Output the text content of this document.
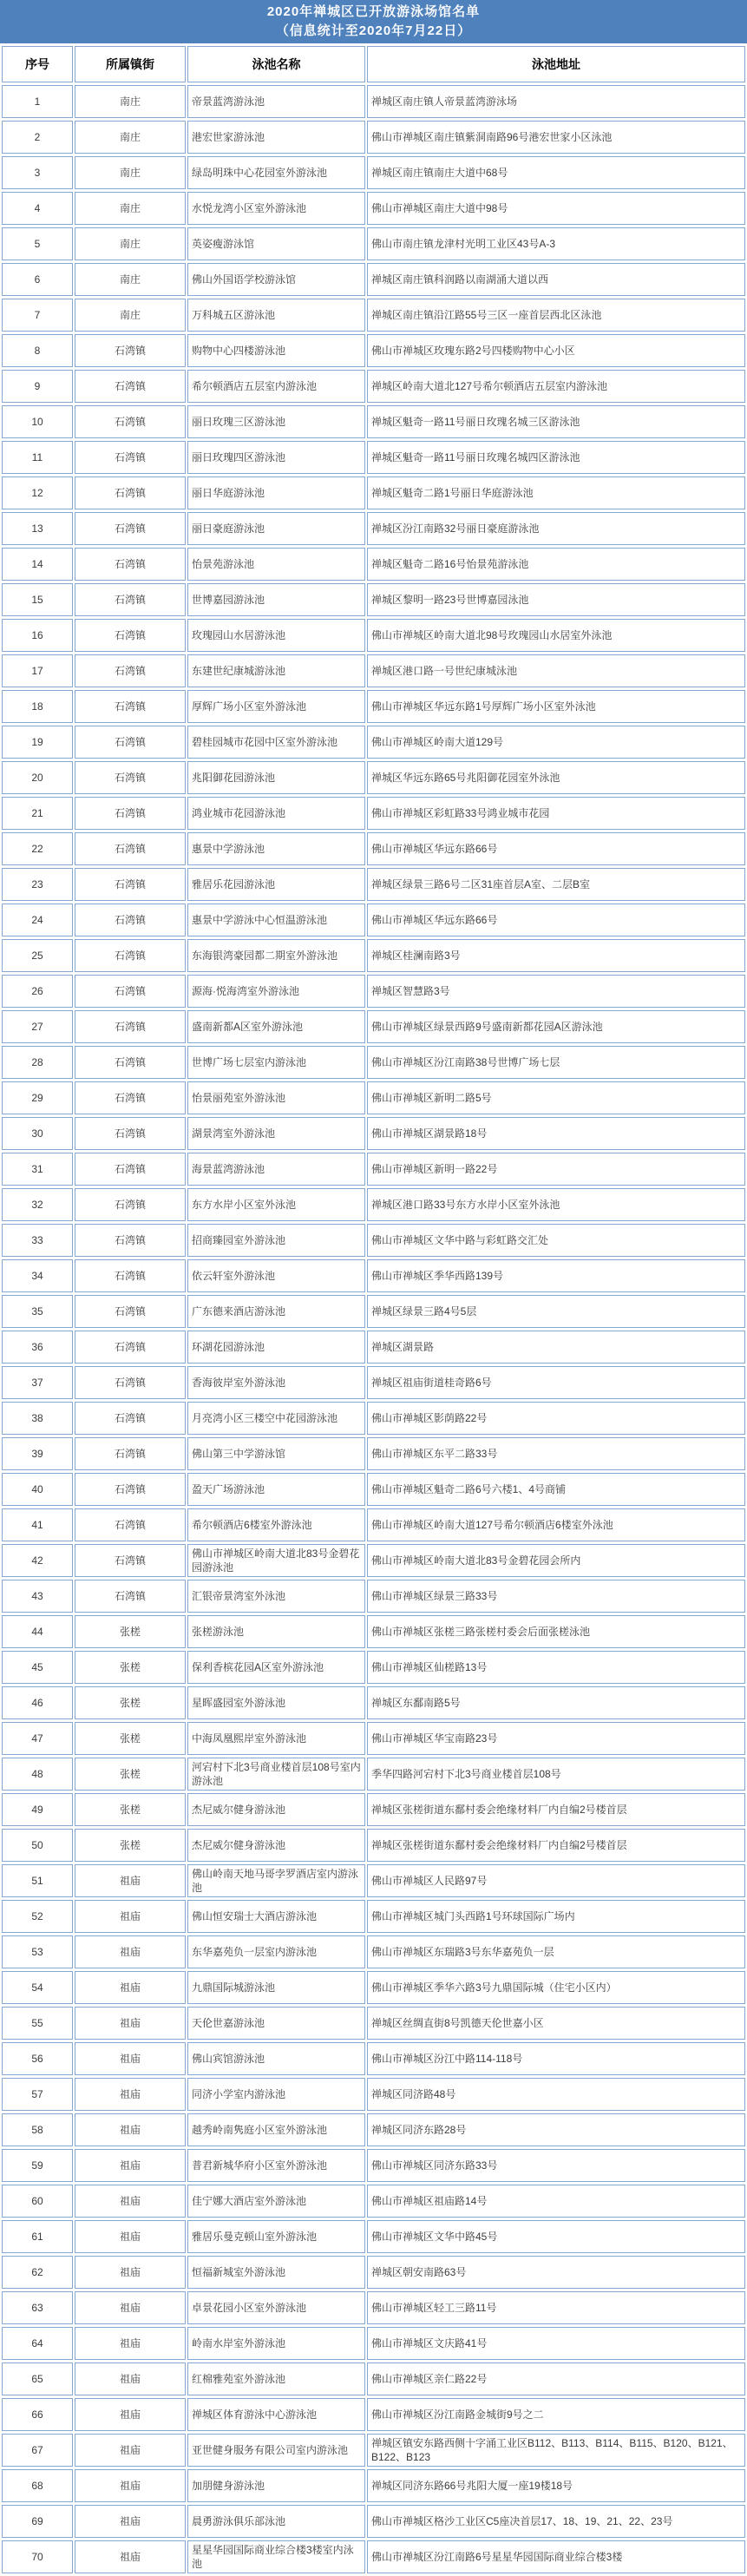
2020年禅城区已开放游泳场馆名单
（信息统计至2020年7月22日）
序号	所属镇街	泳池名称	泳池地址
1	南庄	帝景蓝湾游泳池	禅城区南庄镇人帝景蓝湾游泳场
2	南庄	港宏世家游泳池	佛山市禅城区南庄镇紫洞南路96号港宏世家小区泳池
3	南庄	绿岛明珠中心花园室外游泳池	禅城区南庄镇南庄大道中68号
4	南庄	水悦龙湾小区室外游泳池	佛山市禅城区南庄大道中98号
5	南庄	英姿瘦游泳馆	佛山市南庄镇龙津村光明工业区43号A-3
6	南庄	佛山外国语学校游泳馆	禅城区南庄镇科润路以南湖涌大道以西
7	南庄	万科城五区游泳池	禅城区南庄镇沿江路55号三区一座首层西北区泳池
8	石湾镇	购物中心四楼游泳池	佛山市禅城区玫瑰东路2号四楼购物中心小区
9	石湾镇	希尔顿酒店五层室内游泳池	禅城区岭南大道北127号希尔顿酒店五层室内游泳池
10	石湾镇	丽日玫瑰三区游泳池	禅城区魁奇一路11号丽日玫瑰名城三区游泳池
11	石湾镇	丽日玫瑰四区游泳池	禅城区魁奇一路11号丽日玫瑰名城四区游泳池
12	石湾镇	丽日华庭游泳池	禅城区魁奇二路1号丽日华庭游泳池
13	石湾镇	丽日豪庭游泳池	禅城区汾江南路32号丽日豪庭游泳池
14	石湾镇	怡景苑游泳池	禅城区魁奇二路16号怡景苑游泳池
15	石湾镇	世博嘉园游泳池	禅城区黎明一路23号世博嘉园泳池
16	石湾镇	玫瑰园山水居游泳池	佛山市禅城区岭南大道北98号玫瑰园山水居室外泳池
17	石湾镇	东建世纪康城游泳池	禅城区港口路一号世纪康城泳池
18	石湾镇	厚辉广场小区室外游泳池	佛山市禅城区华远东路1号厚辉广场小区室外泳池
19	石湾镇	碧桂园城市花园中区室外游泳池	佛山市禅城区岭南大道129号
20	石湾镇	兆阳御花园游泳池	禅城区华远东路65号兆阳御花园室外泳池
21	石湾镇	鸿业城市花园游泳池	佛山市禅城区彩虹路33号鸿业城市花园
22	石湾镇	惠景中学游泳池	佛山市禅城区华远东路66号
23	石湾镇	雅居乐花园游泳池	禅城区绿景三路6号二区31座首层A室、二层B室
24	石湾镇	惠景中学游泳中心恒温游泳池	佛山市禅城区华远东路66号
25	石湾镇	东海银湾豪园都二期室外游泳池	禅城区桂澜南路3号
26	石湾镇	源海·悦海湾室外游泳池	禅城区智慧路3号
27	石湾镇	盛南新都A区室外游泳池	佛山市禅城区绿景西路9号盛南新都花园A区游泳池
28	石湾镇	世博广场七层室内游泳池	佛山市禅城区汾江南路38号世博广场七层
29	石湾镇	怡景丽苑室外游泳池	佛山市禅城区新明二路5号
30	石湾镇	湖景湾室外游泳池	佛山市禅城区湖景路18号
31	石湾镇	海景蓝湾游泳池	佛山市禅城区新明一路22号
32	石湾镇	东方水岸小区室外泳池	禅城区港口路33号东方水岸小区室外泳池
33	石湾镇	招商臻园室外游泳池	佛山市禅城区文华中路与彩虹路交汇处
34	石湾镇	依云轩室外游泳池	佛山市禅城区季华西路139号
35	石湾镇	广东德来酒店游泳池	禅城区绿景三路4号5层
36	石湾镇	环湖花园游泳池	禅城区湖景路
37	石湾镇	香海彼岸室外游泳池	禅城区祖庙街道桂奇路6号
38	石湾镇	月亮湾小区三楼空中花园游泳池	佛山市禅城区影荫路22号
39	石湾镇	佛山第三中学游泳馆	佛山市禅城区东平二路33号
40	石湾镇	盈天广场游泳池	佛山市禅城区魁奇二路6号六楼1、4号商铺
41	石湾镇	希尔顿酒店6楼室外游泳池	佛山市禅城区岭南大道127号希尔顿酒店6楼室外泳池
42	石湾镇	佛山市禅城区岭南大道北83号金碧花园游泳池	佛山市禅城区岭南大道北83号金碧花园会所内
43	石湾镇	汇银帝景湾室外泳池	佛山市禅城区绿景三路33号
44	张槎	张槎游泳池	佛山市禅城区张槎三路张槎村委会后面张槎泳池
45	张槎	保利香槟花园A区室外游泳池	佛山市禅城区仙槎路13号
46	张槎	星晖盛园室外游泳池	禅城区东鄱南路5号
47	张槎	中海凤凰熙岸室外游泳池	佛山市禅城区华宝南路23号
48	张槎	河宕村下北3号商业楼首层108号室内游泳池	季华四路河宕村下北3号商业楼首层108号
49	张槎	杰尼威尔健身游泳池	禅城区张槎街道东鄱村委会绝缘材料厂内自编2号楼首层
50	张槎	杰尼威尔健身游泳池	禅城区张槎街道东鄱村委会绝缘材料厂内自编2号楼首层
51	祖庙	佛山岭南天地马哥孛罗酒店室内游泳池	佛山市禅城区人民路97号
52	祖庙	佛山恒安瑞士大酒店游泳池	佛山市禅城区城门头西路1号环球国际广场内
53	祖庙	东华嘉苑负一层室内游泳池	佛山市禅城区东瑞路3号东华嘉苑负一层
54	祖庙	九鼎国际城游泳池	佛山市禅城区季华六路3号九鼎国际城（住宅小区内）
55	祖庙	天伦世嘉游泳池	禅城区丝绸直街8号凯德天伦世嘉小区
56	祖庙	佛山宾馆游泳池	佛山市禅城区汾江中路114-118号
57	祖庙	同济小学室内游泳池	禅城区同济路48号
58	祖庙	越秀岭南隽庭小区室外游泳池	禅城区同济东路28号
59	祖庙	普君新城华府小区室外游泳池	佛山市禅城区同济东路33号
60	祖庙	佳宁娜大酒店室外游泳池	佛山市禅城区祖庙路14号
61	祖庙	雅居乐曼克顿山室外游泳池	佛山市禅城区文华中路45号
62	祖庙	恒福新城室外游泳池	禅城区朝安南路63号
63	祖庙	卓景花园小区室外游泳池	佛山市禅城区轻工三路11号
64	祖庙	岭南水岸室外游泳池	佛山市禅城区文庆路41号
65	祖庙	红棉雅苑室外游泳池	佛山市禅城区亲仁路22号
66	祖庙	禅城区体育游泳中心游泳池	佛山市禅城区汾江南路金城街9号之二
67	祖庙	亚世健身服务有限公司室内游泳池	禅城区镇安东路西侧十字涌工业区B112、B113、B114、B115、B120、B121、B122、B123
68	祖庙	加朋健身游泳池	禅城区同济东路66号兆阳大厦一座19楼18号
69	祖庙	晨勇游泳俱乐部泳池	佛山市禅城区格沙工业区C5座决首层17、18、19、21、22、23号
70	祖庙	星星华园国际商业综合楼3楼室内泳池	佛山市禅城区汾江南路6号星星华园国际商业综合楼3楼
